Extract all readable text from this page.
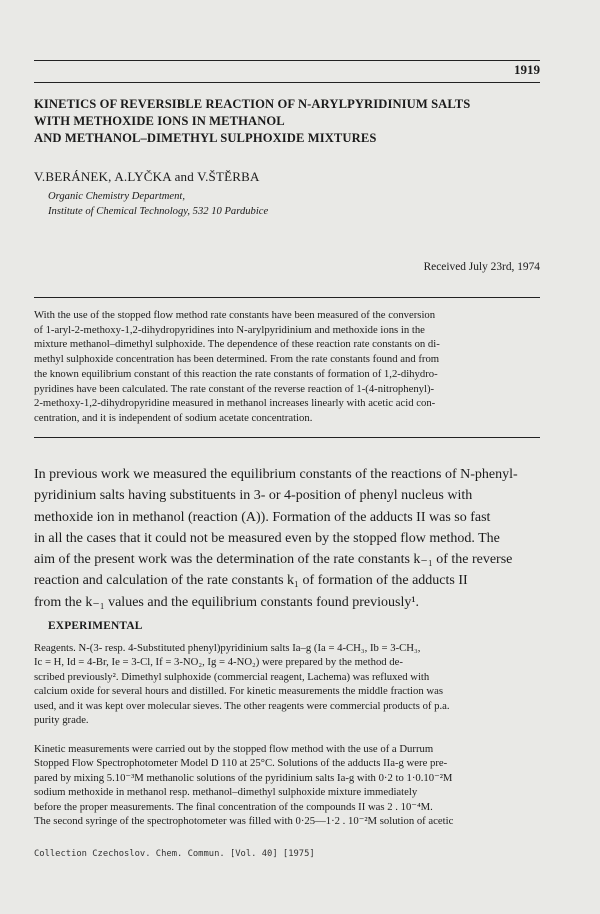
1919
KINETICS OF REVERSIBLE REACTION OF N-ARYLPYRIDINIUM SALTS
WITH METHOXIDE IONS IN METHANOL
AND METHANOL–DIMETHYL SULPHOXIDE MIXTURES
V.BERÁNEK, A.LYČKA and V.ŠTĚRBA
Organic Chemistry Department,
Institute of Chemical Technology, 532 10 Pardubice
Received July 23rd, 1974
With the use of the stopped flow method rate constants have been measured of the conversion
of 1-aryl-2-methoxy-1,2-dihydropyridines into N-arylpyridinium and methoxide ions in the
mixture methanol–dimethyl sulphoxide. The dependence of these reaction rate constants on di-
methyl sulphoxide concentration has been determined. From the rate constants found and from
the known equilibrium constant of this reaction the rate constants of formation of 1,2-dihydro-
pyridines have been calculated. The rate constant of the reverse reaction of 1-(4-nitrophenyl)-
2-methoxy-1,2-dihydropyridine measured in methanol increases linearly with acetic acid con-
centration, and it is independent of sodium acetate concentration.
In previous work we measured the equilibrium constants of the reactions of N-phenyl-
pyridinium salts having substituents in 3- or 4-position of phenyl nucleus with
methoxide ion in methanol (reaction (A)). Formation of the adducts II was so fast
in all the cases that it could not be measured even by the stopped flow method. The
aim of the present work was the determination of the rate constants k₋₁ of the reverse
reaction and calculation of the rate constants k₁ of formation of the adducts II
from the k₋₁ values and the equilibrium constants found previously¹.
EXPERIMENTAL
Reagents. N-(3- resp. 4-Substituted phenyl)pyridinium salts Ia–g (Ia = 4-CH₃, Ib = 3-CH₃,
Ic = H, Id = 4-Br, Ie = 3-Cl, If = 3-NO₂, Ig = 4-NO₂) were prepared by the method de-
scribed previously². Dimethyl sulphoxide (commercial reagent, Lachema) was refluxed with
calcium oxide for several hours and distilled. For kinetic measurements the middle fraction was
used, and it was kept over molecular sieves. The other reagents were commercial products of p.a.
purity grade.
Kinetic measurements were carried out by the stopped flow method with the use of a Durrum
Stopped Flow Spectrophotometer Model D 110 at 25°C. Solutions of the adducts IIa-g were pre-
pared by mixing 5.10⁻³M methanolic solutions of the pyridinium salts Ia-g with 0·2 to 1·0.10⁻²M
sodium methoxide in methanol resp. methanol–dimethyl sulphoxide mixture immediately
before the proper measurements. The final concentration of the compounds II was 2 . 10⁻⁴M.
The second syringe of the spectrophotometer was filled with 0·25—1·2 . 10⁻²M solution of acetic
Collection Czechoslov. Chem. Commun. [Vol. 40] [1975]
